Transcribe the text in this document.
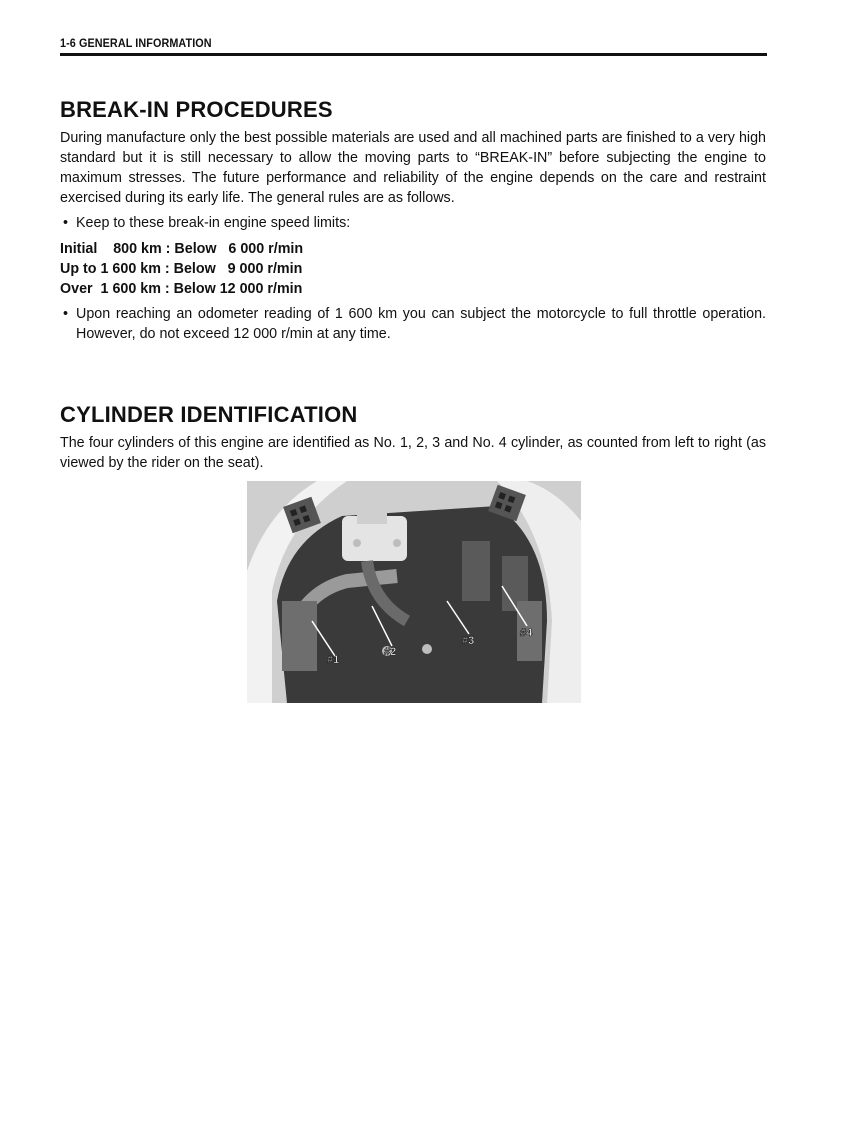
1-6 GENERAL INFORMATION
BREAK-IN PROCEDURES

During manufacture only the best possible materials are used and all machined parts are finished to a very high standard but it is still necessary to allow the moving parts to “BREAK-IN” before subjecting the engine to maximum stresses. The future performance and reliability of the engine depends on the care and restraint exercised during its early life. The general rules are as follows.

• Keep to these break-in engine speed limits:
Initial    800 km : Below   6 000 r/min
Up to 1 600 km : Below   9 000 r/min
Over  1 600 km : Below 12 000 r/min
• Upon reaching an odometer reading of 1 600 km you can subject the motorcycle to full throttle operation. However, do not exceed 12 000 r/min at any time.
CYLINDER IDENTIFICATION

The four cylinders of this engine are identified as No. 1, 2, 3 and No. 4 cylinder, as counted from left to right (as viewed by the rider on the seat).

#1
#2
#3
#4
